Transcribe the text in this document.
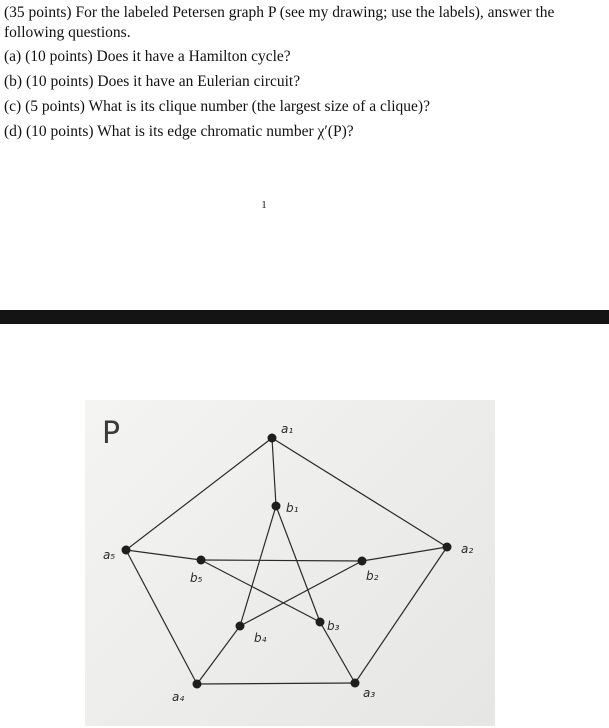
(35 points) For the labeled Petersen graph P (see my drawing; use the labels), answer the following questions.

(a) (10 points) Does it have a Hamilton cycle?

(b) (10 points) Does it have an Eulerian circuit?

(c) (5 points) What is its clique number (the largest size of a clique)?

(d) (10 points) What is its edge chromatic number χ′(P)?

1
P	a₁
a₂
a₃
a₄
a₅
b₁
b₂
b₃
b₄
b₅
